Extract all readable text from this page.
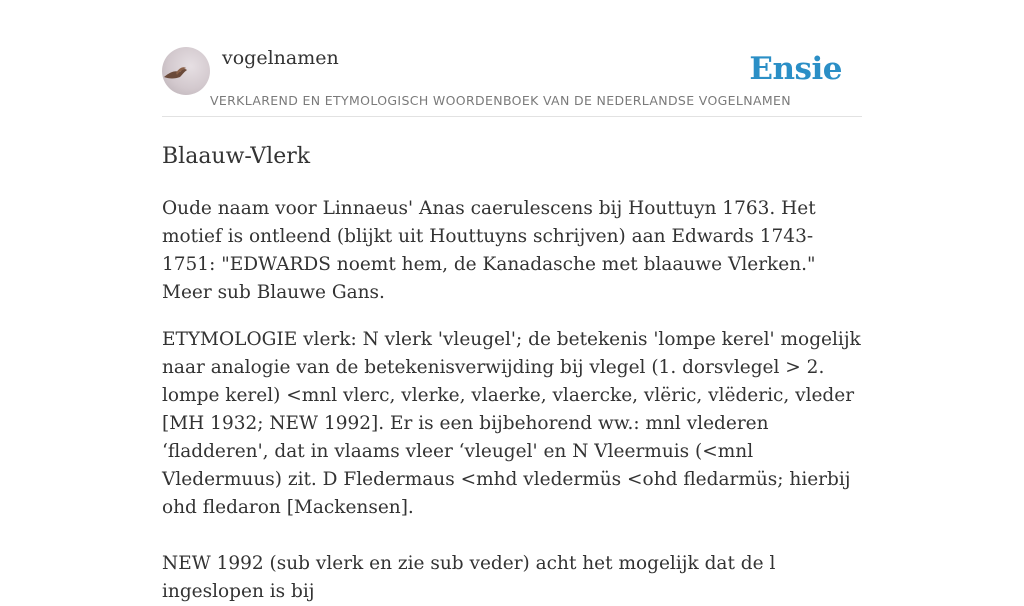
vogelnamen	Ensie
VERKLAREND EN ETYMOLOGISCH WOORDENBOEK VAN DE NEDERLANDSE VOGELNAMEN
Blaauw-Vlerk

Oude naam voor Linnaeus' Anas caerulescens bij Houttuyn 1763. Het motief is ontleend (blijkt uit Houttuyns schrijven) aan Edwards 1743-1751: "EDWARDS noemt hem, de Kanadasche met blaauwe Vlerken." Meer sub Blauwe Gans.

ETYMOLOGIE vlerk: N vlerk 'vleugel'; de betekenis 'lompe kerel' mogelijk naar analogie van de betekenisverwijding bij vlegel (1. dorsvlegel > 2. lompe kerel) <mnl vlerc, vlerke, vlaerke, vlaercke, vlëric, vlëderic, vleder [MH 1932; NEW 1992]. Er is een bijbehorend ww.: mnl vlederen ‘fladderen', dat in vlaams vleer ‘vleugel' en N Vleermuis (<mnl Vledermuus) zit. D Fledermaus <mhd vledermüs <ohd fledarmüs; hierbij ohd fledaron [Mackensen].

NEW 1992 (sub vlerk en zie sub veder) acht het mogelijk dat de l ingeslopen is bij
